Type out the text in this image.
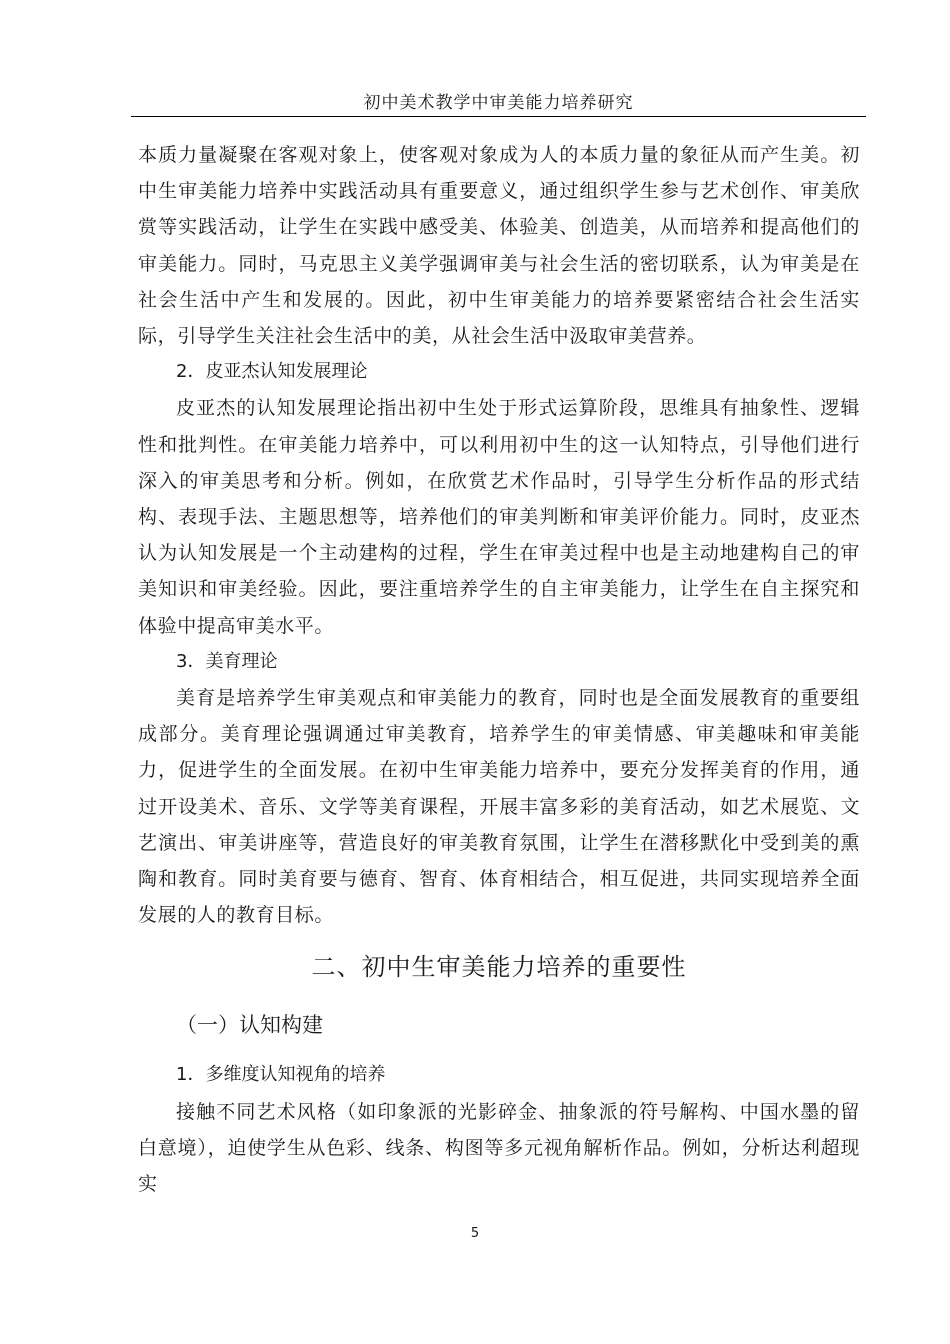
初中美术教学中审美能力培养研究

本质力量凝聚在客观对象上，使客观对象成为人的本质力量的象征从而产生美。初中生审美能力培养中实践活动具有重要意义，通过组织学生参与艺术创作、审美欣赏等实践活动，让学生在实践中感受美、体验美、创造美，从而培养和提高他们的审美能力。同时，马克思主义美学强调审美与社会生活的密切联系，认为审美是在社会生活中产生和发展的。因此，初中生审美能力的培养要紧密结合社会生活实际，引导学生关注社会生活中的美，从社会生活中汲取审美营养。

2．皮亚杰认知发展理论

皮亚杰的认知发展理论指出初中生处于形式运算阶段，思维具有抽象性、逻辑性和批判性。在审美能力培养中，可以利用初中生的这一认知特点，引导他们进行深入的审美思考和分析。例如，在欣赏艺术作品时，引导学生分析作品的形式结构、表现手法、主题思想等，培养他们的审美判断和审美评价能力。同时，皮亚杰认为认知发展是一个主动建构的过程，学生在审美过程中也是主动地建构自己的审美知识和审美经验。因此，要注重培养学生的自主审美能力，让学生在自主探究和体验中提高审美水平。

3．美育理论

美育是培养学生审美观点和审美能力的教育，同时也是全面发展教育的重要组成部分。美育理论强调通过审美教育，培养学生的审美情感、审美趣味和审美能力，促进学生的全面发展。在初中生审美能力培养中，要充分发挥美育的作用，通过开设美术、音乐、文学等美育课程，开展丰富多彩的美育活动，如艺术展览、文艺演出、审美讲座等，营造良好的审美教育氛围，让学生在潜移默化中受到美的熏陶和教育。同时美育要与德育、智育、体育相结合，相互促进，共同实现培养全面发展的人的教育目标。

二、初中生审美能力培养的重要性
（一）认知构建
1．多维度认知视角的培养

接触不同艺术风格（如印象派的光影碎金、抽象派的符号解构、中国水墨的留白意境），迫使学生从色彩、线条、构图等多元视角解析作品。例如，分析达利超现实

5
